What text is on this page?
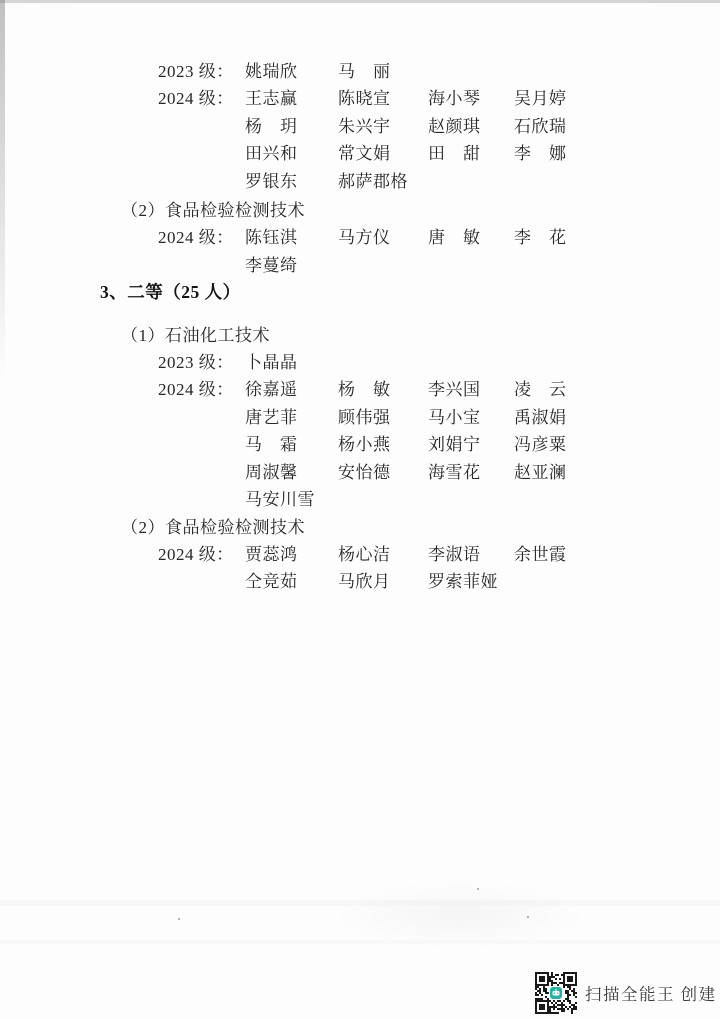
2023 级： 姚瑞欣	马　丽
2024 级： 王志赢	陈晓宣	海小琴	吴月婷
杨　玥	朱兴宇	赵颜琪	石欣瑞
田兴和	常文娟	田　甜	李　娜
罗银东	郝萨郡格
（2）食品检验检测技术
2024 级： 陈钰淇	马方仪	唐　敏	李　花
李蔓绮
3、二等（25 人）
（1）石油化工技术
2023 级： 卜晶晶
2024 级： 徐嘉遥	杨　敏	李兴国	凌　云
唐艺菲	顾伟强	马小宝	禹淑娟
马　霜	杨小燕	刘娟宁	冯彦粟
周淑馨	安怡德	海雪花	赵亚澜
马安川雪
（2）食品检验检测技术
2024 级： 贾蕊鸿	杨心洁	李淑语	余世霞
仝竞茹	马欣月	罗索菲娅
扫描全能王 创建
